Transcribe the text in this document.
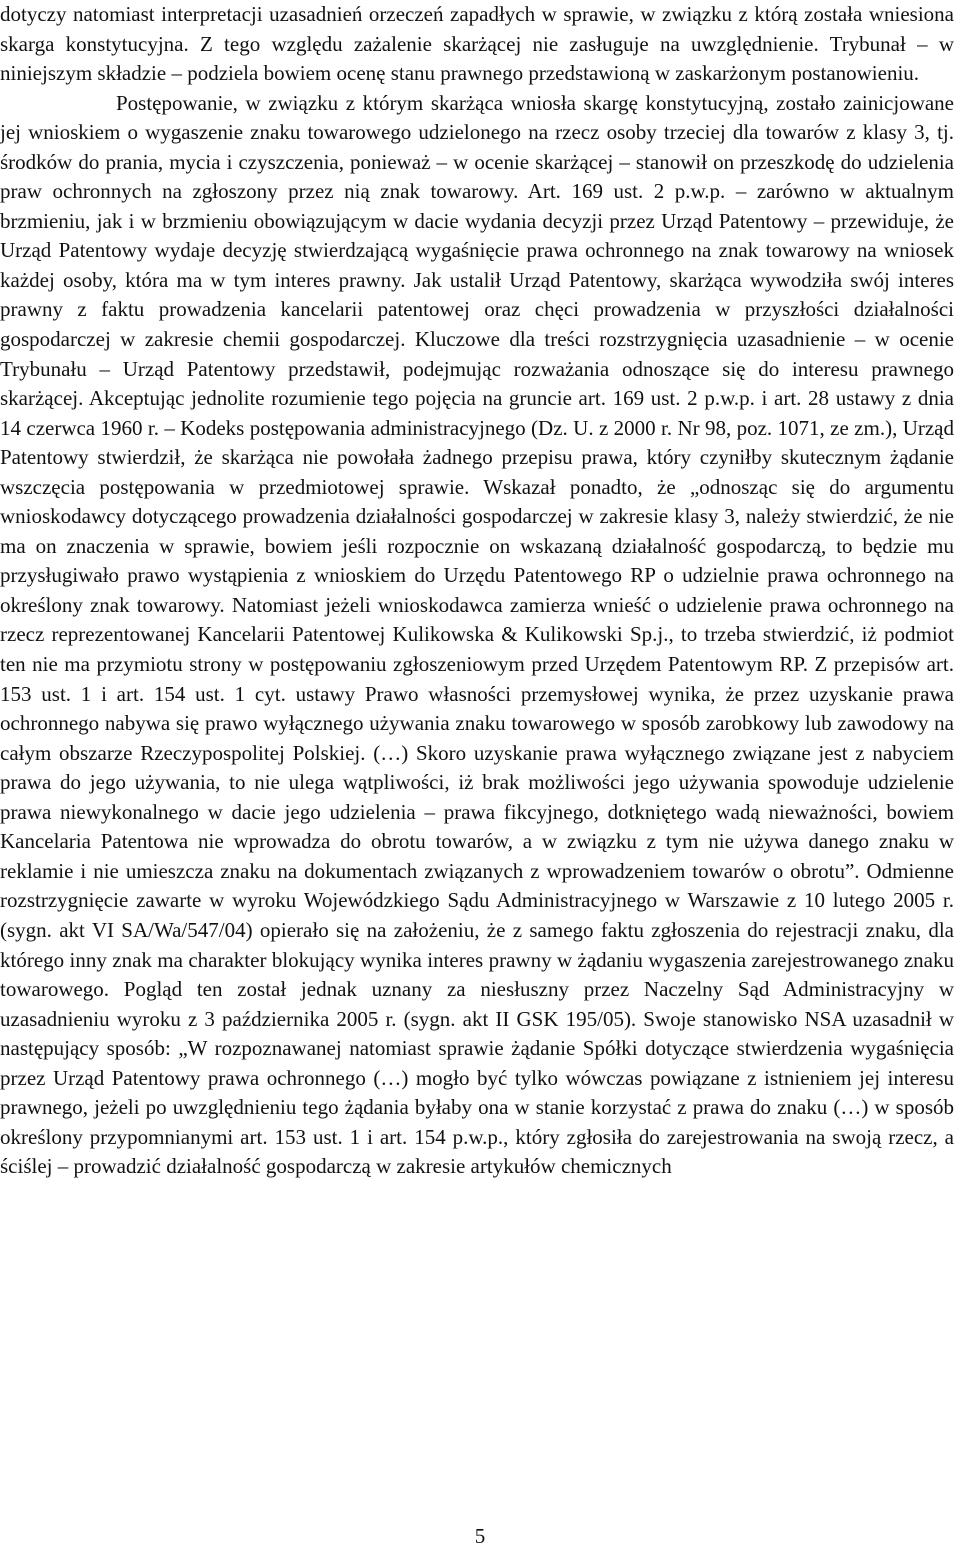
dotyczy natomiast interpretacji uzasadnień orzeczeń zapadłych w sprawie, w związku z którą została wniesiona skarga konstytucyjna. Z tego względu zażalenie skarżącej nie zasługuje na uwzględnienie. Trybunał – w niniejszym składzie – podziela bowiem ocenę stanu prawnego przedstawioną w zaskarżonym postanowieniu.

Postępowanie, w związku z którym skarżąca wniosła skargę konstytucyjną, zostało zainicjowane jej wnioskiem o wygaszenie znaku towarowego udzielonego na rzecz osoby trzeciej dla towarów z klasy 3, tj. środków do prania, mycia i czyszczenia, ponieważ – w ocenie skarżącej – stanowił on przeszkodę do udzielenia praw ochronnych na zgłoszony przez nią znak towarowy. Art. 169 ust. 2 p.w.p. – zarówno w aktualnym brzmieniu, jak i w brzmieniu obowiązującym w dacie wydania decyzji przez Urząd Patentowy – przewiduje, że Urząd Patentowy wydaje decyzję stwierdzającą wygaśnięcie prawa ochronnego na znak towarowy na wniosek każdej osoby, która ma w tym interes prawny. Jak ustalił Urząd Patentowy, skarżąca wywodziła swój interes prawny z faktu prowadzenia kancelarii patentowej oraz chęci prowadzenia w przyszłości działalności gospodarczej w zakresie chemii gospodarczej. Kluczowe dla treści rozstrzygnięcia uzasadnienie – w ocenie Trybunału – Urząd Patentowy przedstawił, podejmując rozważania odnoszące się do interesu prawnego skarżącej. Akceptując jednolite rozumienie tego pojęcia na gruncie art. 169 ust. 2 p.w.p. i art. 28 ustawy z dnia 14 czerwca 1960 r. – Kodeks postępowania administracyjnego (Dz. U. z 2000 r. Nr 98, poz. 1071, ze zm.), Urząd Patentowy stwierdził, że skarżąca nie powołała żadnego przepisu prawa, który czyniłby skutecznym żądanie wszczęcia postępowania w przedmiotowej sprawie. Wskazał ponadto, że „odnosząc się do argumentu wnioskodawcy dotyczącego prowadzenia działalności gospodarczej w zakresie klasy 3, należy stwierdzić, że nie ma on znaczenia w sprawie, bowiem jeśli rozpocznie on wskazaną działalność gospodarczą, to będzie mu przysługiwało prawo wystąpienia z wnioskiem do Urzędu Patentowego RP o udzielnie prawa ochronnego na określony znak towarowy. Natomiast jeżeli wnioskodawca zamierza wnieść o udzielenie prawa ochronnego na rzecz reprezentowanej Kancelarii Patentowej Kulikowska & Kulikowski Sp.j., to trzeba stwierdzić, iż podmiot ten nie ma przymiotu strony w postępowaniu zgłoszeniowym przed Urzędem Patentowym RP. Z przepisów art. 153 ust. 1 i art. 154 ust. 1 cyt. ustawy Prawo własności przemysłowej wynika, że przez uzyskanie prawa ochronnego nabywa się prawo wyłącznego używania znaku towarowego w sposób zarobkowy lub zawodowy na całym obszarze Rzeczypospolitej Polskiej. (…) Skoro uzyskanie prawa wyłącznego związane jest z nabyciem prawa do jego używania, to nie ulega wątpliwości, iż brak możliwości jego używania spowoduje udzielenie prawa niewykonalnego w dacie jego udzielenia – prawa fikcyjnego, dotkniętego wadą nieważności, bowiem Kancelaria Patentowa nie wprowadza do obrotu towarów, a w związku z tym nie używa danego znaku w reklamie i nie umieszcza znaku na dokumentach związanych z wprowadzeniem towarów o obrotu”. Odmienne rozstrzygnięcie zawarte w wyroku Wojewódzkiego Sądu Administracyjnego w Warszawie z 10 lutego 2005 r. (sygn. akt VI SA/Wa/547/04) opierało się na założeniu, że z samego faktu zgłoszenia do rejestracji znaku, dla którego inny znak ma charakter blokujący wynika interes prawny w żądaniu wygaszenia zarejestrowanego znaku towarowego. Pogląd ten został jednak uznany za niesłuszny przez Naczelny Sąd Administracyjny w uzasadnieniu wyroku z 3 października 2005 r. (sygn. akt II GSK 195/05). Swoje stanowisko NSA uzasadnił w następujący sposób: „W rozpoznawanej natomiast sprawie żądanie Spółki dotyczące stwierdzenia wygaśnięcia przez Urząd Patentowy prawa ochronnego (…) mogło być tylko wówczas powiązane z istnieniem jej interesu prawnego, jeżeli po uwzględnieniu tego żądania byłaby ona w stanie korzystać z prawa do znaku (…) w sposób określony przypomnianymi art. 153 ust. 1 i art. 154 p.w.p., który zgłosiła do zarejestrowania na swoją rzecz, a ściślej – prowadzić działalność gospodarczą w zakresie artykułów chemicznych

5
